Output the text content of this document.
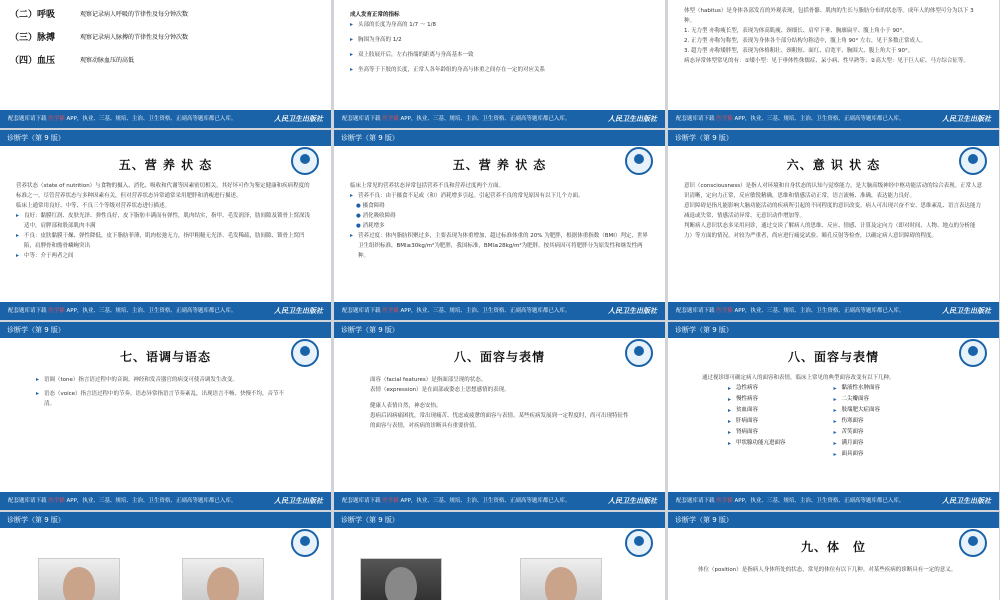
（二）呼吸	观察记录病人呼吸的节律性及每分钟次数
（三）脉搏	观察记录病人脉搏的节律性及每分钟次数
（四）血压	观察动脉血压的高低
配套题库请下载 医学猫 APP，执业、三基、规培、主治、卫生资格、正副高等题库都已入库。	人民卫生出版社

成人发育正常的指标

▸ 头部的长度为身高的 1/7 ～ 1/8

▸ 胸围为身高的 1/2

▸ 双上肢展开后，左右指端的距离与身高基本一致

▸ 坐高等于下肢的长度，正常人各年龄组的身高与体重之间存在一定的对应关系

配套题库请下载 医学猫 APP，执业、三基、规培、主治、卫生资格、正副高等题库都已入库。	人民卫生出版社

体型（habitus）是身体各部发育的外观表现，包括骨骼、肌肉的生长与脂肪分布的状态等。成年人的体型可分为以下 3 种。

1. 无力型 亦称瘦长型，表现为体高肌瘦、颈细长、肩窄下垂、胸廓扁平、腹上角小于 90°。

2. 正力型 亦称匀称型，表现为身体各个部分结构匀称适中，腹上角 90° 左右，见于多数正常成人。

3. 超力型 亦称矮胖型，表现为体格粗壮、颈粗短、面红、肩宽平、胸围大、腹上角大于 90°。

病态异常体型常见的有：①矮小型：见于垂体性侏儒症、呆小病、性早熟等；②高大型：见于巨人症、马方综合征等。

配套题库请下载 医学猫 APP，执业、三基、规培、主治、卫生资格、正副高等题库都已入库。	人民卫生出版社
诊断学（第 9 版）
五、营 养 状 态

营养状态（state of nutrition）与食物的摄入、消化、吸收和代谢等因素密切相关，其好坏可作为鉴定健康和疾病程度的标准之一。尽管营养状态与多种因素有关，但对营养状态异常通常采用肥胖和消瘦进行描述。

临床上通常用良好、中等、不良三个等级对营养状态进行描述。

▸ 良好：黏膜红润、皮肤光泽、弹性良好，皮下脂肪丰满而有弹性，肌肉结实，指甲、毛发润泽，肋间隙及锁骨上窝深浅适中，肩胛部和股部肌肉丰满

▸ 不良：皮肤黏膜干燥、弹性降低，皮下脂肪菲薄，肌肉松弛无力，指甲粗糙无光泽、毛发稀疏，肋间隙、锁骨上窝凹陷，肩胛骨和髂骨嶙峋突出

▸ 中等：介于两者之间

配套题库请下载 医学猫 APP，执业、三基、规培、主治、卫生资格、正副高等题库都已入库。	人民卫生出版社
诊断学（第 9 版）
五、营 养 状 态

临床上常见的营养状态异常包括营养不良和营养过度两个方面。

▸ 营养不良：由于摄食不足或（和）消耗增多引起。引起营养不良的常见原因有以下几个方面。

● 摄食障碍

● 消化吸收障碍

● 消耗增多

▸ 营养过度：体内脂肪积聚过多，主要表现为体重增加，超过标准体重的 20% 为肥胖，根据体重指数（BMI）判定，世界卫生组织标准，BMI≥30kg/m²为肥胖，我国标准，BMI≥28kg/m²为肥胖。按其病因可将肥胖分为原发性和继发性两种。

配套题库请下载 医学猫 APP，执业、三基、规培、主治、卫生资格、正副高等题库都已入库。	人民卫生出版社
诊断学（第 9 版）
六、意 识 状 态

意识（consciousness）是指人对环境和自身状态的认知与觉察能力，是大脑高级神经中枢功能活动的综合表现。正常人意识清晰，定向力正常，反应敏锐精确，思维和情感活动正常，语言流畅、准确，表达能力良好。

意识障碍是指凡能影响大脑功能活动的疾病所引起的不同程度的意识改变。病人可出现兴奋不安、思维紊乱、语言表达能力减退或失常、情感活动异常、无意识动作增加等。

判断病人意识状态多采用问诊，通过交谈了解病人的思维、反应、情感、计算及定向力（即对时间、人物、地点的分析能力）等方面的情况。对较为严重者，尚应进行痛觉试验、瞳孔反射等检查，以确定病人意识障碍的程度。

配套题库请下载 医学猫 APP，执业、三基、规培、主治、卫生资格、正副高等题库都已入库。	人民卫生出版社
诊断学（第 9 版）
七、语调与语态

▸ 语调（tone）指言语过程中的音调。神经和发音器官的病变可使音调发生改变。

▸ 语态（voice）指言语过程中的节奏。语态异常指语言节奏紊乱，出现语言不畅、快慢不均，音节不清。

配套题库请下载 医学猫 APP，执业、三基、规培、主治、卫生资格、正副高等题库都已入库。	人民卫生出版社
诊断学（第 9 版）
八、面容与表情

面容（facial features）是指面部呈现的状态。

表情（expression）是在面部或姿态上思想感情的表现。

健康人表情自然，神态安怡。

患病后因病痛困扰，常出现痛苦、忧虑或疲惫的面容与表情。某些疾病发展到一定程度时，尚可出现特征性的面容与表情，对疾病的诊断具有重要价值。

配套题库请下载 医学猫 APP，执业、三基、规培、主治、卫生资格、正副高等题库都已入库。	人民卫生出版社
诊断学（第 9 版）
八、面容与表情

通过视诊即可确定病人的面容和表情，临床上常见的典型面容改变有以下几种。

▸ 急性病容
▸ 慢性病容
▸ 贫血面容
▸ 肝病面容
▸ 肾病面容
▸ 甲状腺功能亢进面容
▸ 黏液性水肿面容
▸ 二尖瓣面容
▸ 肢端肥大症面容
▸ 伤寒面容
▸ 苦笑面容
▸ 满月面容
▸ 面具面容
配套题库请下载 医学猫 APP，执业、三基、规培、主治、卫生资格、正副高等题库都已入库。	人民卫生出版社
诊断学（第 9 版）	诊断学（第 9 版）	诊断学（第 9 版）
九、体　位

体位（position）是指病人身体所处的状态，常见的体位有以下几种。对某些疾病的诊断具有一定的意义。
